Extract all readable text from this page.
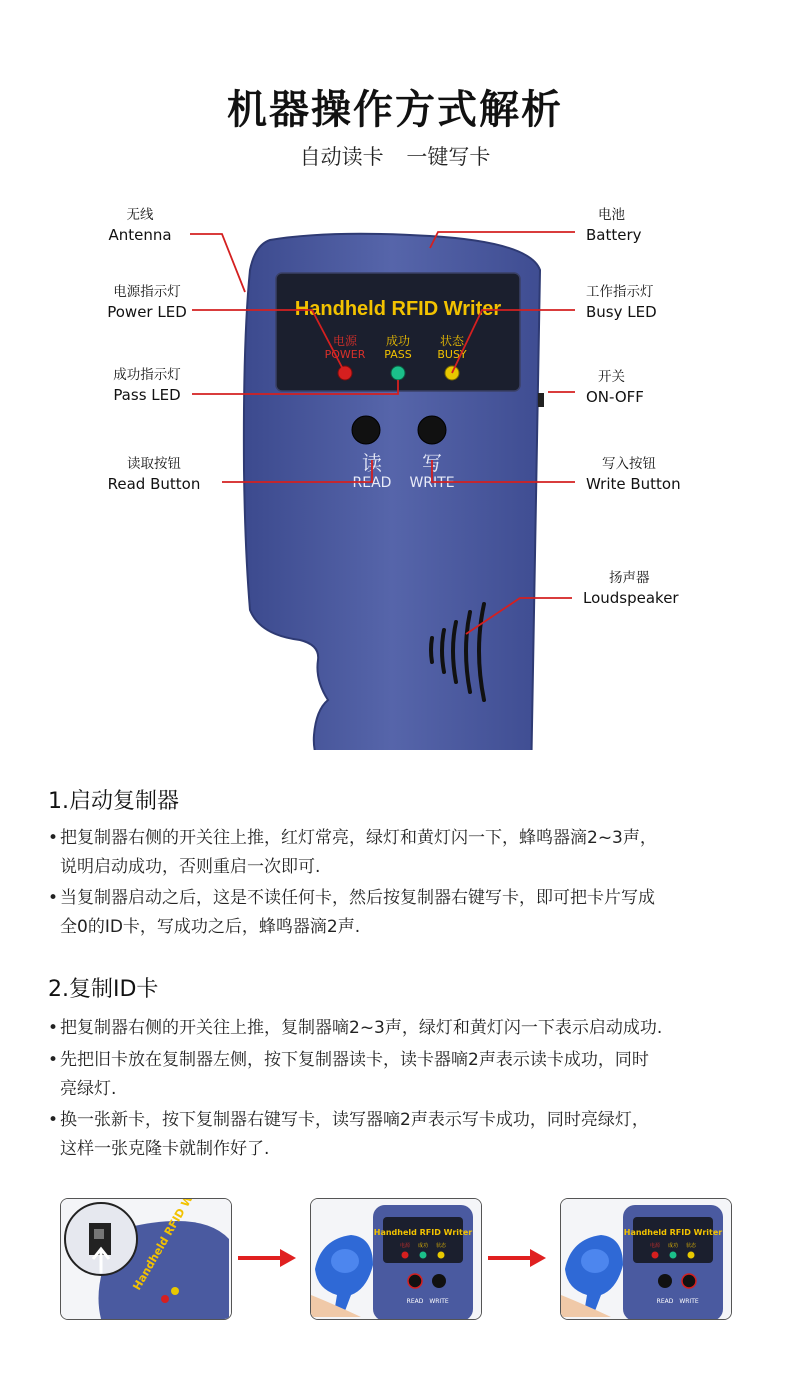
机器操作方式解析
自动读卡 一键写卡
Handheld RFID Writer
电源
POWER
成功
PASS
状态
BUSY
读
READ
写
WRITE
无线
Antenna
电源指示灯
Power LED
成功指示灯
Pass LED
读取按钮
Read Button
电池
Battery
工作指示灯
Busy LED
开关
ON-OFF
写入按钮
Write Button
扬声器
Loudspeaker
1.启动复制器
• 把复制器右侧的开关往上推，红灯常亮，绿灯和黄灯闪一下，蜂鸣器滴2~3声，
说明启动成功，否则重启一次即可.
• 当复制器启动之后，这是不读任何卡，然后按复制器右键写卡，即可把卡片写成
全0的ID卡，写成功之后，蜂鸣器滴2声.
2.复制ID卡
• 把复制器右侧的开关往上推，复制器嘀2~3声，绿灯和黄灯闪一下表示启动成功.
• 先把旧卡放在复制器左侧，按下复制器读卡，读卡器嘀2声表示读卡成功，同时
亮绿灯.
• 换一张新卡，按下复制器右键写卡，读写器嘀2声表示写卡成功，同时亮绿灯，
这样一张克隆卡就制作好了.
Handheld RFID Writer
电源 成功 状态
READ WRITE
Handheld RFID Writer
电源 成功 状态
READ WRITE
